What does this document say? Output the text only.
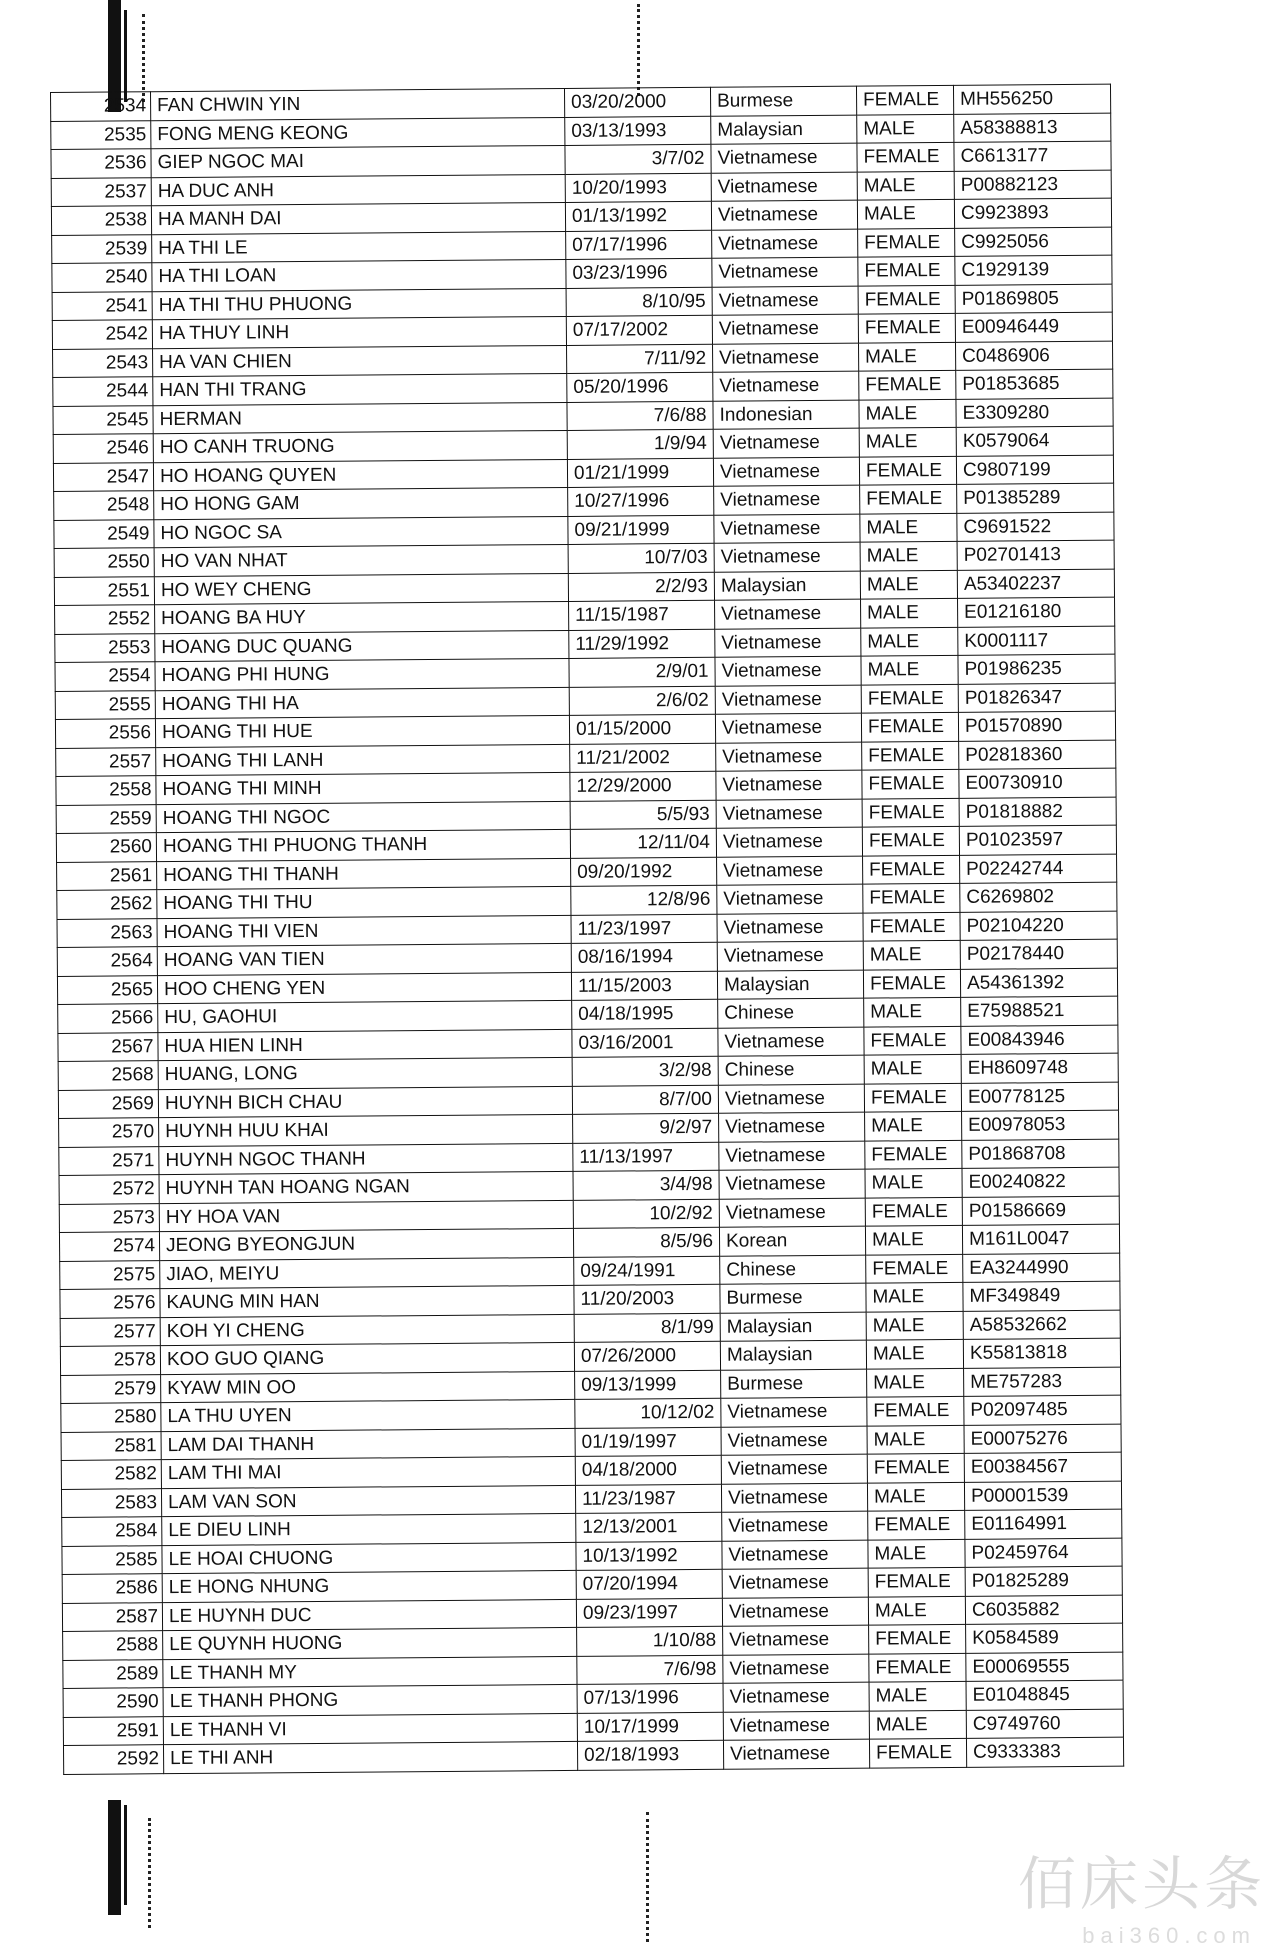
2534	FAN CHWIN YIN	03/20/2000	Burmese	FEMALE	MH556250
2535	FONG MENG KEONG	03/13/1993	Malaysian	MALE	A58388813
2536	GIEP NGOC MAI	3/7/02	Vietnamese	FEMALE	C6613177
2537	HA DUC ANH	10/20/1993	Vietnamese	MALE	P00882123
2538	HA MANH DAI	01/13/1992	Vietnamese	MALE	C9923893
2539	HA THI LE	07/17/1996	Vietnamese	FEMALE	C9925056
2540	HA THI LOAN	03/23/1996	Vietnamese	FEMALE	C1929139
2541	HA THI THU PHUONG	8/10/95	Vietnamese	FEMALE	P01869805
2542	HA THUY LINH	07/17/2002	Vietnamese	FEMALE	E00946449
2543	HA VAN CHIEN	7/11/92	Vietnamese	MALE	C0486906
2544	HAN THI TRANG	05/20/1996	Vietnamese	FEMALE	P01853685
2545	HERMAN	7/6/88	Indonesian	MALE	E3309280
2546	HO CANH TRUONG	1/9/94	Vietnamese	MALE	K0579064
2547	HO HOANG QUYEN	01/21/1999	Vietnamese	FEMALE	C9807199
2548	HO HONG GAM	10/27/1996	Vietnamese	FEMALE	P01385289
2549	HO NGOC SA	09/21/1999	Vietnamese	MALE	C9691522
2550	HO VAN NHAT	10/7/03	Vietnamese	MALE	P02701413
2551	HO WEY CHENG	2/2/93	Malaysian	MALE	A53402237
2552	HOANG BA HUY	11/15/1987	Vietnamese	MALE	E01216180
2553	HOANG DUC QUANG	11/29/1992	Vietnamese	MALE	K0001117
2554	HOANG PHI HUNG	2/9/01	Vietnamese	MALE	P01986235
2555	HOANG THI HA	2/6/02	Vietnamese	FEMALE	P01826347
2556	HOANG THI HUE	01/15/2000	Vietnamese	FEMALE	P01570890
2557	HOANG THI LANH	11/21/2002	Vietnamese	FEMALE	P02818360
2558	HOANG THI MINH	12/29/2000	Vietnamese	FEMALE	E00730910
2559	HOANG THI NGOC	5/5/93	Vietnamese	FEMALE	P01818882
2560	HOANG THI PHUONG THANH	12/11/04	Vietnamese	FEMALE	P01023597
2561	HOANG THI THANH	09/20/1992	Vietnamese	FEMALE	P02242744
2562	HOANG THI THU	12/8/96	Vietnamese	FEMALE	C6269802
2563	HOANG THI VIEN	11/23/1997	Vietnamese	FEMALE	P02104220
2564	HOANG VAN TIEN	08/16/1994	Vietnamese	MALE	P02178440
2565	HOO CHENG YEN	11/15/2003	Malaysian	FEMALE	A54361392
2566	HU, GAOHUI	04/18/1995	Chinese	MALE	E75988521
2567	HUA HIEN LINH	03/16/2001	Vietnamese	FEMALE	E00843946
2568	HUANG, LONG	3/2/98	Chinese	MALE	EH8609748
2569	HUYNH BICH CHAU	8/7/00	Vietnamese	FEMALE	E00778125
2570	HUYNH HUU KHAI	9/2/97	Vietnamese	MALE	E00978053
2571	HUYNH NGOC THANH	11/13/1997	Vietnamese	FEMALE	P01868708
2572	HUYNH TAN HOANG NGAN	3/4/98	Vietnamese	MALE	E00240822
2573	HY HOA VAN	10/2/92	Vietnamese	FEMALE	P01586669
2574	JEONG BYEONGJUN	8/5/96	Korean	MALE	M161L0047
2575	JIAO, MEIYU	09/24/1991	Chinese	FEMALE	EA3244990
2576	KAUNG MIN HAN	11/20/2003	Burmese	MALE	MF349849
2577	KOH YI CHENG	8/1/99	Malaysian	MALE	A58532662
2578	KOO GUO QIANG	07/26/2000	Malaysian	MALE	K55813818
2579	KYAW MIN OO	09/13/1999	Burmese	MALE	ME757283
2580	LA THU UYEN	10/12/02	Vietnamese	FEMALE	P02097485
2581	LAM DAI THANH	01/19/1997	Vietnamese	MALE	E00075276
2582	LAM THI MAI	04/18/2000	Vietnamese	FEMALE	E00384567
2583	LAM VAN SON	11/23/1987	Vietnamese	MALE	P00001539
2584	LE DIEU LINH	12/13/2001	Vietnamese	FEMALE	E01164991
2585	LE HOAI CHUONG	10/13/1992	Vietnamese	MALE	P02459764
2586	LE HONG NHUNG	07/20/1994	Vietnamese	FEMALE	P01825289
2587	LE HUYNH DUC	09/23/1997	Vietnamese	MALE	C6035882
2588	LE QUYNH HUONG	1/10/88	Vietnamese	FEMALE	K0584589
2589	LE THANH MY	7/6/98	Vietnamese	FEMALE	E00069555
2590	LE THANH PHONG	07/13/1996	Vietnamese	MALE	E01048845
2591	LE THANH VI	10/17/1999	Vietnamese	MALE	C9749760
2592	LE THI ANH	02/18/1993	Vietnamese	FEMALE	C9333383
佰床头条
bai360.com
